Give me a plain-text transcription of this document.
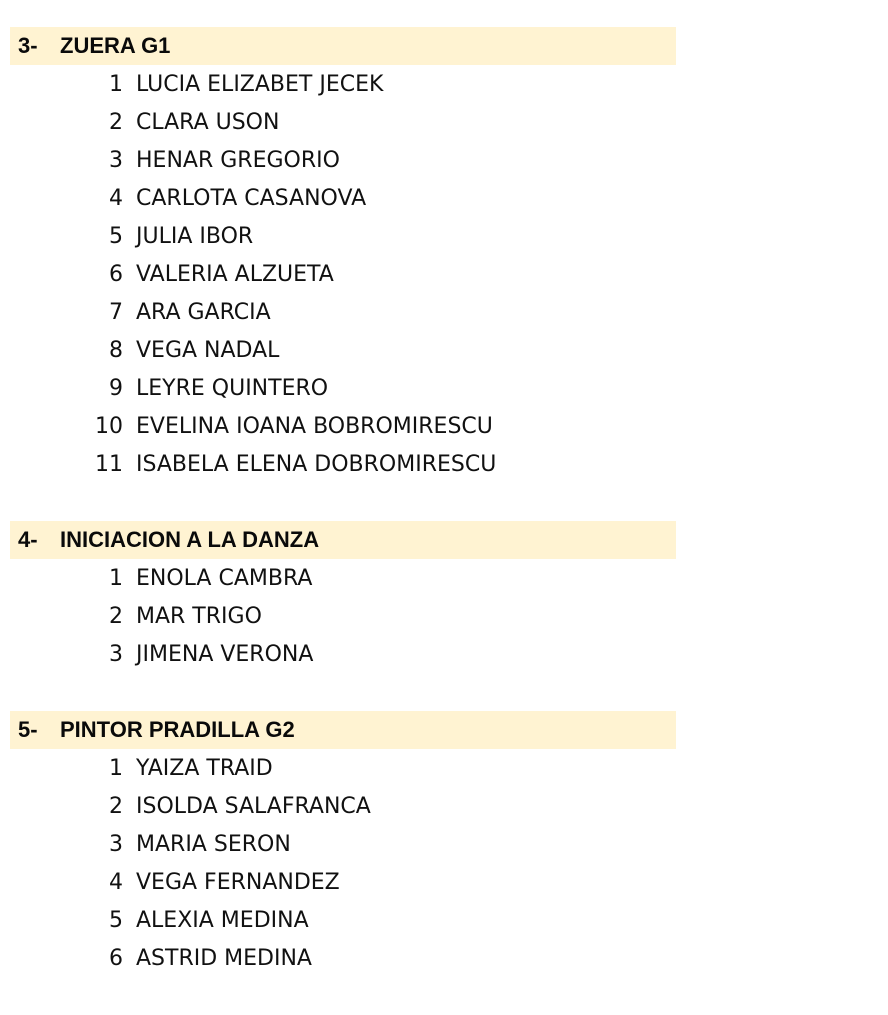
3-	ZUERA G1
1 LUCIA ELIZABET JECEK
2 CLARA USON
3 HENAR GREGORIO
4 CARLOTA CASANOVA
5 JULIA IBOR
6 VALERIA ALZUETA
7 ARA GARCIA
8 VEGA NADAL
9 LEYRE QUINTERO
10 EVELINA IOANA BOBROMIRESCU
11 ISABELA ELENA DOBROMIRESCU
4-	INICIACION A LA DANZA
1 ENOLA CAMBRA
2 MAR TRIGO
3 JIMENA VERONA
5-	PINTOR PRADILLA G2
1 YAIZA TRAID
2 ISOLDA SALAFRANCA
3 MARIA SERON
4 VEGA FERNANDEZ
5 ALEXIA MEDINA
6 ASTRID MEDINA
